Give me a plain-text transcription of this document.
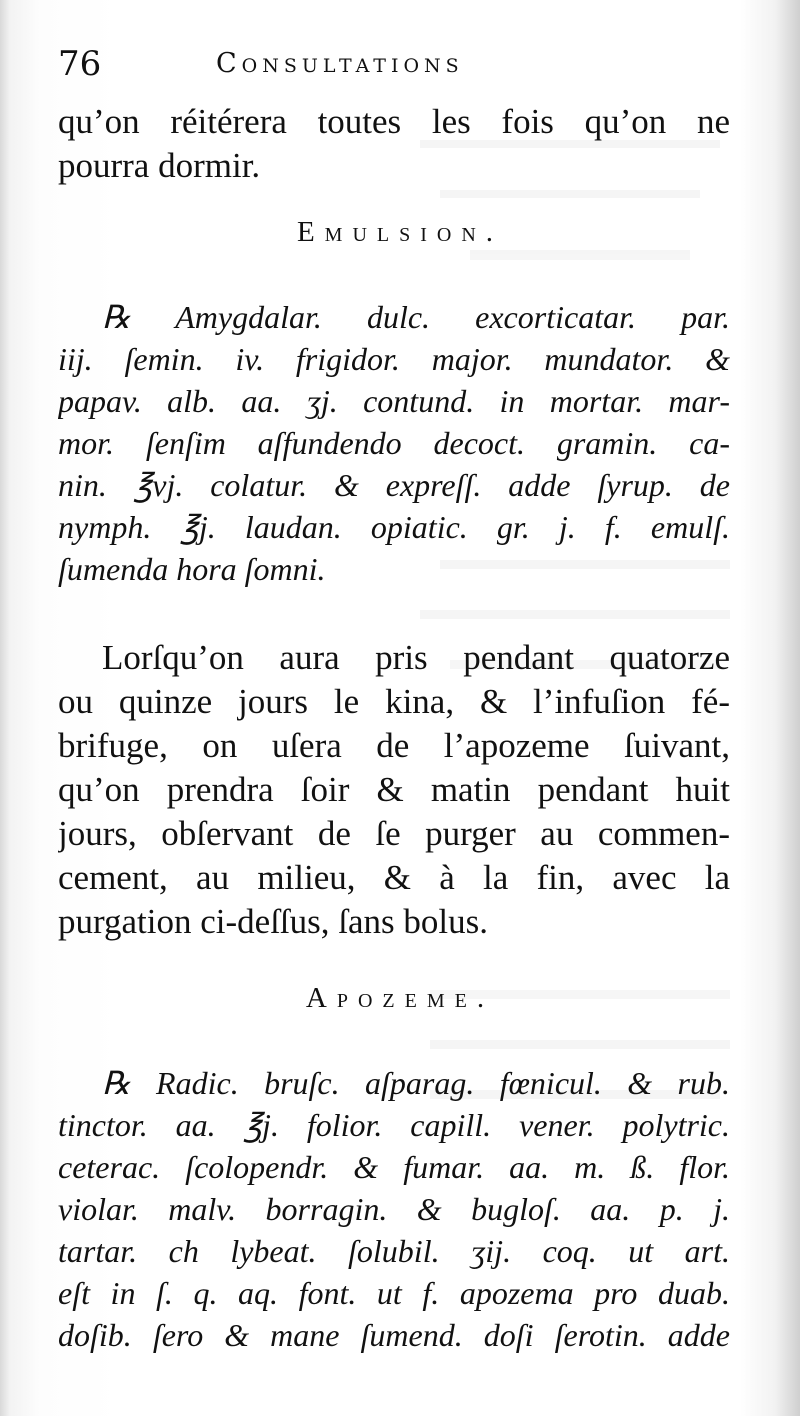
76	Consultations
qu’on réitérera toutes les fois qu’on ne
pourra dormir.
Emulsion.
℞ Amygdalar. dulc. excorticatar. par.
iij. ſemin. iv. frigidor. major. mundator. &
papav. alb. aa. ʒj. contund. in mortar. mar-
mor. ſenſim aſfundendo decoct. gramin. ca-
nin. ℥vj. colatur. & expreſſ. adde ſyrup. de
nymph. ℥j. laudan. opiatic. gr. j. f. emulſ.
ſumenda hora ſomni.
Lorſqu’on aura pris pendant quatorze
ou quinze jours le kina, & l’infuſion fé-
brifuge, on uſera de l’apozeme ſuivant,
qu’on prendra ſoir & matin pendant huit
jours, obſervant de ſe purger au commen-
cement, au milieu, & à la fin, avec la
purgation ci-deſſus, ſans bolus.
Apozeme.
℞ Radic. bruſc. aſparag. fœnicul. & rub.
tinctor. aa. ℥j. folior. capill. vener. polytric.
ceterac. ſcolopendr. & fumar. aa. m. ß. flor.
violar. malv. borragin. & bugloſ. aa. p. j.
tartar. ch lybeat. ſolubil. ʒij. coq. ut art.
eſt in ſ. q. aq. font. ut f. apozema pro duab.
doſib. ſero & mane ſumend. doſi ſerotin. adde
